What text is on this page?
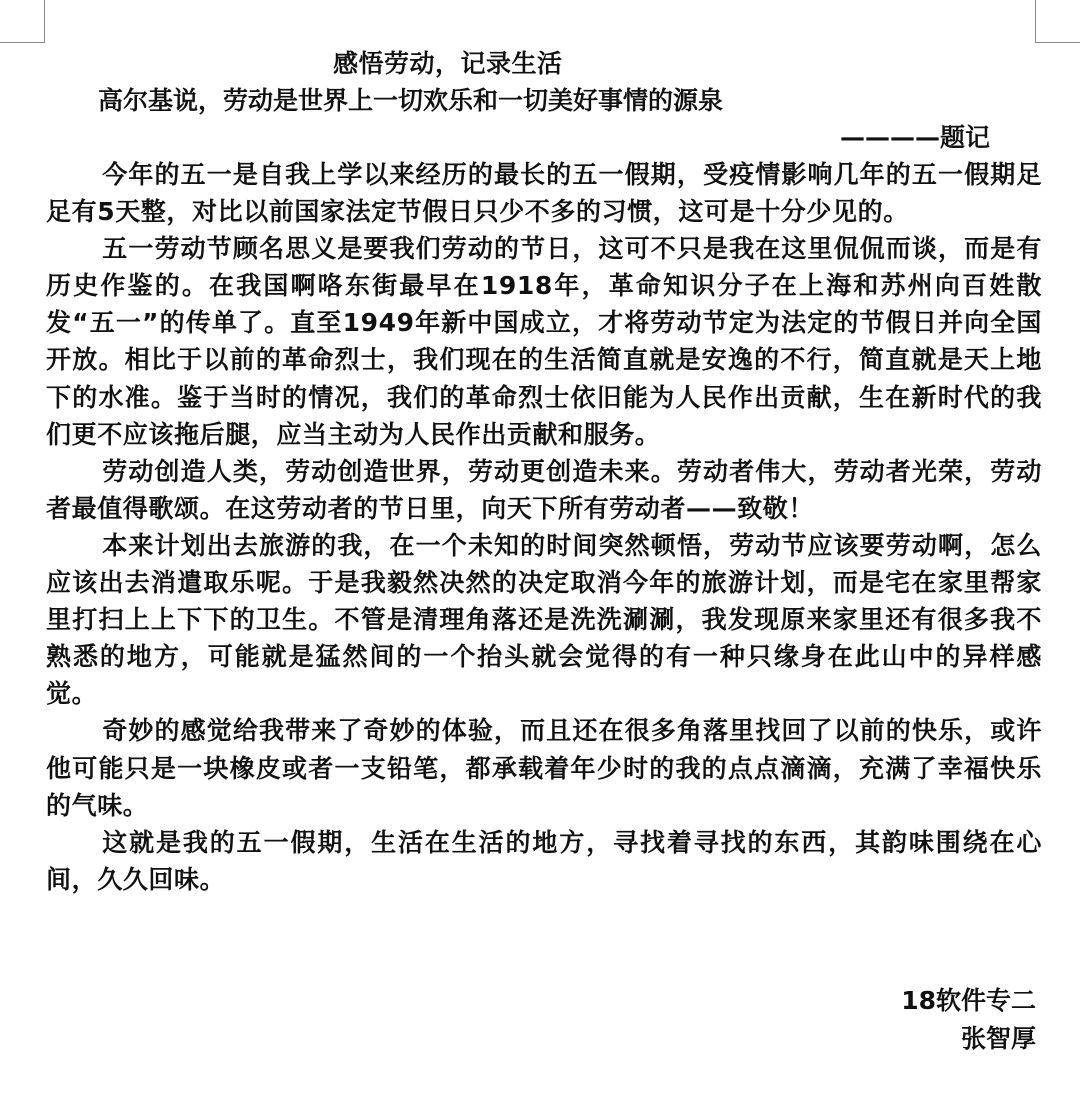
感悟劳动，记录生活
高尔基说，劳动是世界上一切欢乐和一切美好事情的源泉
————题记

今年的五一是自我上学以来经历的最长的五一假期，受疫情影响几年的五一假期足足有5天整，对比以前国家法定节假日只少不多的习惯，这可是十分少见的。

五一劳动节顾名思义是要我们劳动的节日，这可不只是我在这里侃侃而谈，而是有历史作鉴的。在我国啊咯东街最早在1918年，革命知识分子在上海和苏州向百姓散发“五一”的传单了。直至1949年新中国成立，才将劳动节定为法定的节假日并向全国开放。相比于以前的革命烈士，我们现在的生活简直就是安逸的不行，简直就是天上地下的水准。鉴于当时的情况，我们的革命烈士依旧能为人民作出贡献，生在新时代的我们更不应该拖后腿，应当主动为人民作出贡献和服务。

劳动创造人类，劳动创造世界，劳动更创造未来。劳动者伟大，劳动者光荣，劳动者最值得歌颂。在这劳动者的节日里，向天下所有劳动者——致敬！

本来计划出去旅游的我，在一个未知的时间突然顿悟，劳动节应该要劳动啊，怎么应该出去消遣取乐呢。于是我毅然决然的决定取消今年的旅游计划，而是宅在家里帮家里打扫上上下下的卫生。不管是清理角落还是洗洗涮涮，我发现原来家里还有很多我不熟悉的地方，可能就是猛然间的一个抬头就会觉得的有一种只缘身在此山中的异样感觉。

奇妙的感觉给我带来了奇妙的体验，而且还在很多角落里找回了以前的快乐，或许他可能只是一块橡皮或者一支铅笔，都承载着年少时的我的点点滴滴，充满了幸福快乐的气味。

这就是我的五一假期，生活在生活的地方，寻找着寻找的东西，其韵味围绕在心间，久久回味。

18软件专二
张智厚
